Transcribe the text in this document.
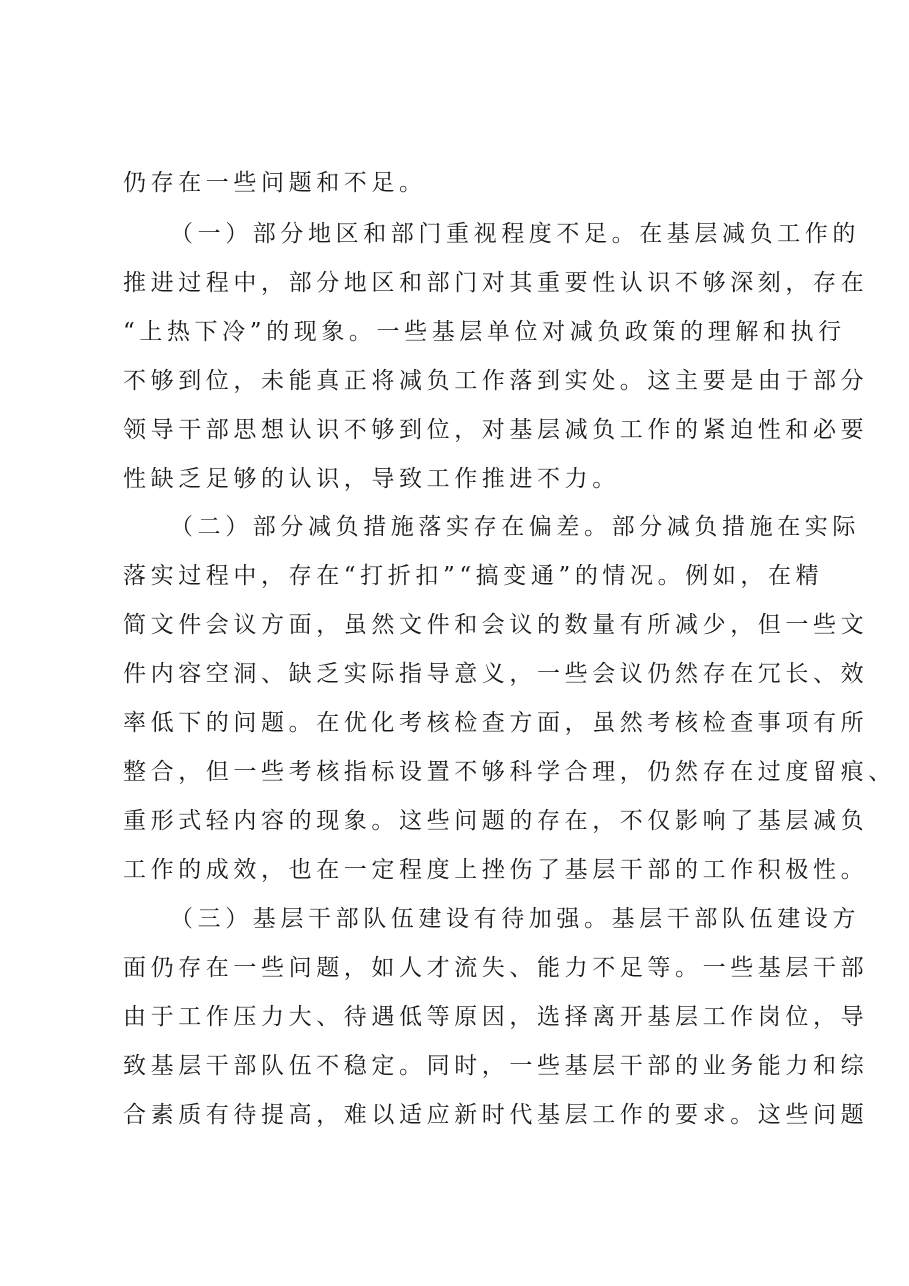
仍存在一些问题和不足。
（一）部分地区和部门重视程度不足。在基层减负工作的
推进过程中，部分地区和部门对其重要性认识不够深刻，存在
“上热下冷”的现象。一些基层单位对减负政策的理解和执行
不够到位，未能真正将减负工作落到实处。这主要是由于部分
领导干部思想认识不够到位，对基层减负工作的紧迫性和必要
性缺乏足够的认识，导致工作推进不力。
（二）部分减负措施落实存在偏差。部分减负措施在实际
落实过程中，存在“打折扣”“搞变通”的情况。例如，在精
简文件会议方面，虽然文件和会议的数量有所减少，但一些文
件内容空洞、缺乏实际指导意义，一些会议仍然存在冗长、效
率低下的问题。在优化考核检查方面，虽然考核检查事项有所
整合，但一些考核指标设置不够科学合理，仍然存在过度留痕、
重形式轻内容的现象。这些问题的存在，不仅影响了基层减负
工作的成效，也在一定程度上挫伤了基层干部的工作积极性。
（三）基层干部队伍建设有待加强。基层干部队伍建设方
面仍存在一些问题，如人才流失、能力不足等。一些基层干部
由于工作压力大、待遇低等原因，选择离开基层工作岗位，导
致基层干部队伍不稳定。同时，一些基层干部的业务能力和综
合素质有待提高，难以适应新时代基层工作的要求。这些问题
